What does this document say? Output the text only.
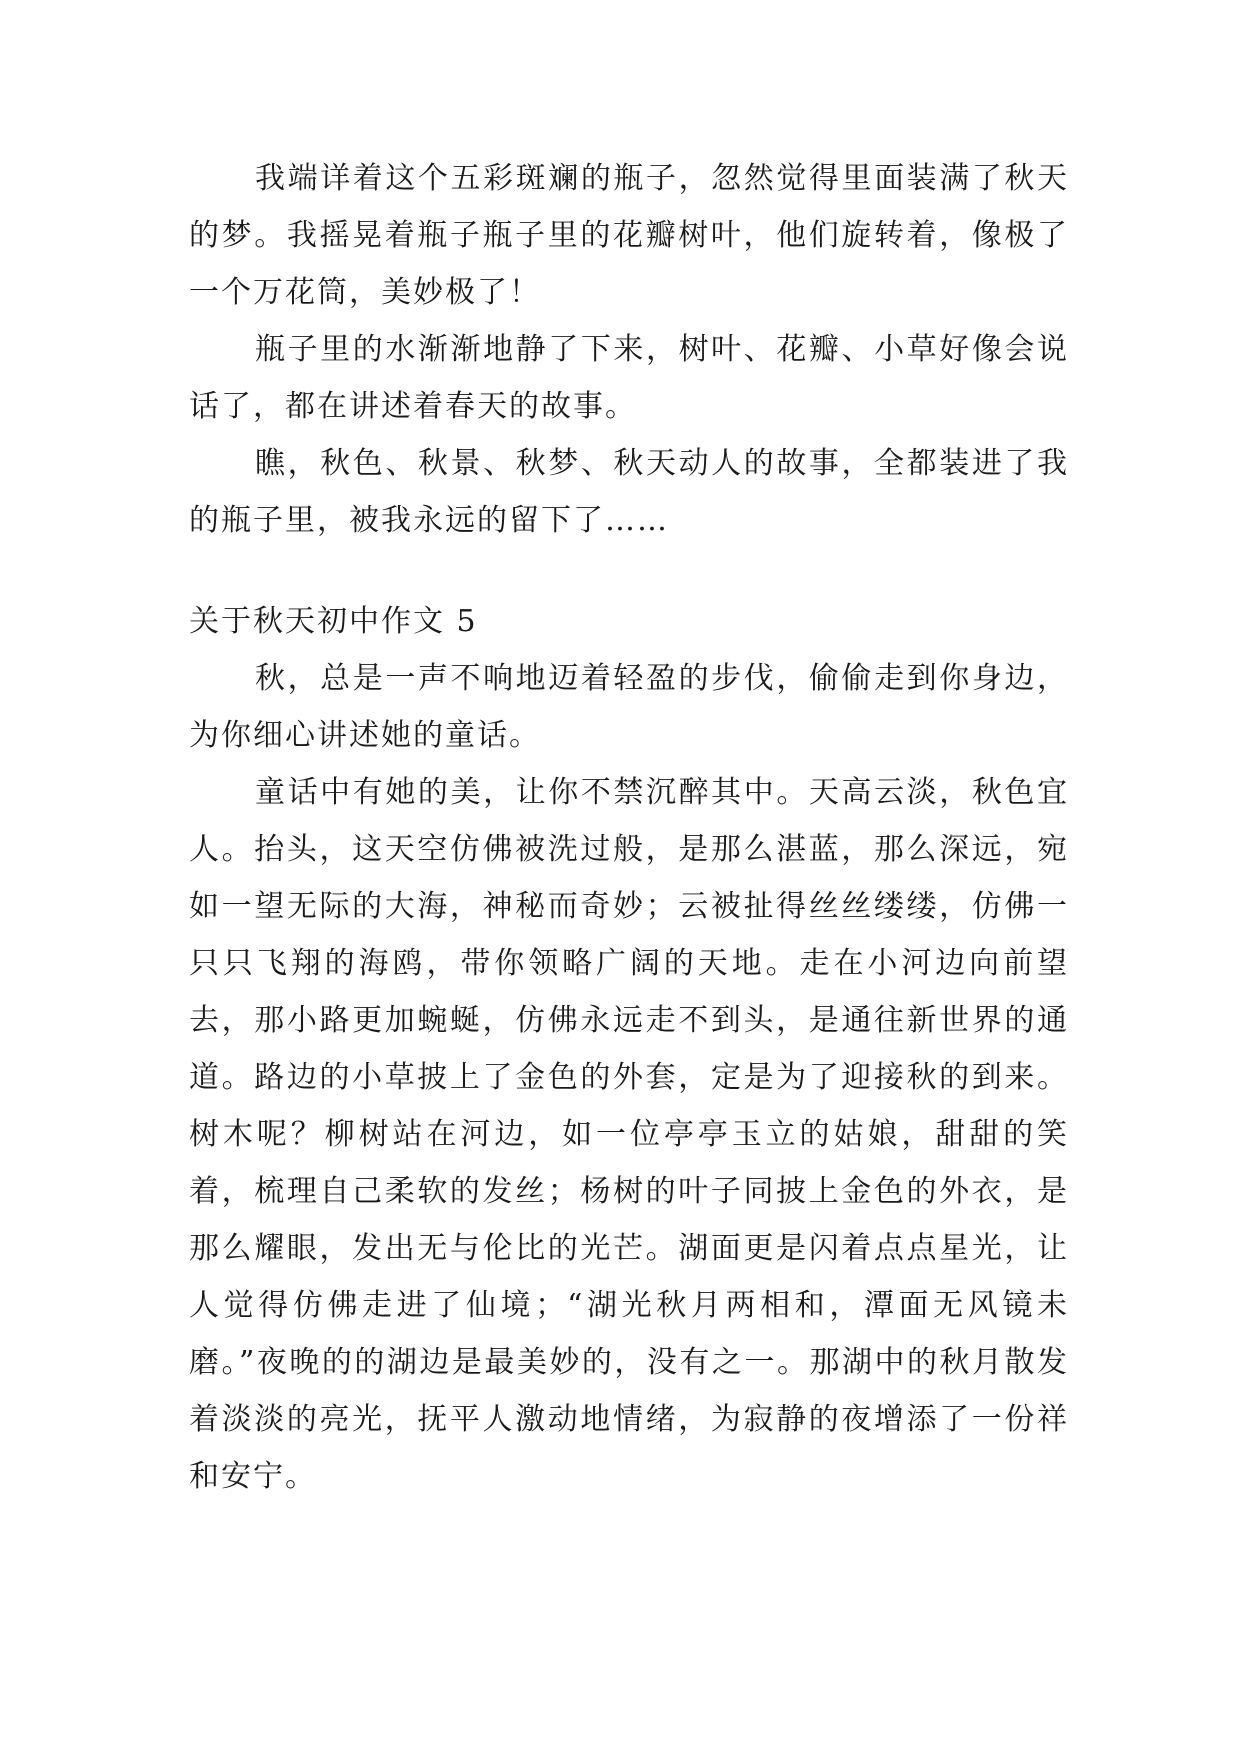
我端详着这个五彩斑斓的瓶子，忽然觉得里面装满了秋天的梦。我摇晃着瓶子瓶子里的花瓣树叶，他们旋转着，像极了一个万花筒，美妙极了！

瓶子里的水渐渐地静了下来，树叶、花瓣、小草好像会说话了，都在讲述着春天的故事。

瞧，秋色、秋景、秋梦、秋天动人的故事，全都装进了我的瓶子里，被我永远的留下了……

关于秋天初中作文 5

秋，总是一声不响地迈着轻盈的步伐，偷偷走到你身边，为你细心讲述她的童话。

童话中有她的美，让你不禁沉醉其中。天高云淡，秋色宜人。抬头，这天空仿佛被洗过般，是那么湛蓝，那么深远，宛如一望无际的大海，神秘而奇妙；云被扯得丝丝缕缕，仿佛一只只飞翔的海鸥，带你领略广阔的天地。走在小河边向前望去，那小路更加蜿蜒，仿佛永远走不到头，是通往新世界的通道。路边的小草披上了金色的外套，定是为了迎接秋的到来。树木呢？柳树站在河边，如一位亭亭玉立的姑娘，甜甜的笑着，梳理自己柔软的发丝；杨树的叶子同披上金色的外衣，是那么耀眼，发出无与伦比的光芒。湖面更是闪着点点星光，让人觉得仿佛走进了仙境；“湖光秋月两相和，潭面无风镜未磨。”夜晚的的湖边是最美妙的，没有之一。那湖中的秋月散发着淡淡的亮光，抚平人激动地情绪，为寂静的夜增添了一份祥和安宁。
